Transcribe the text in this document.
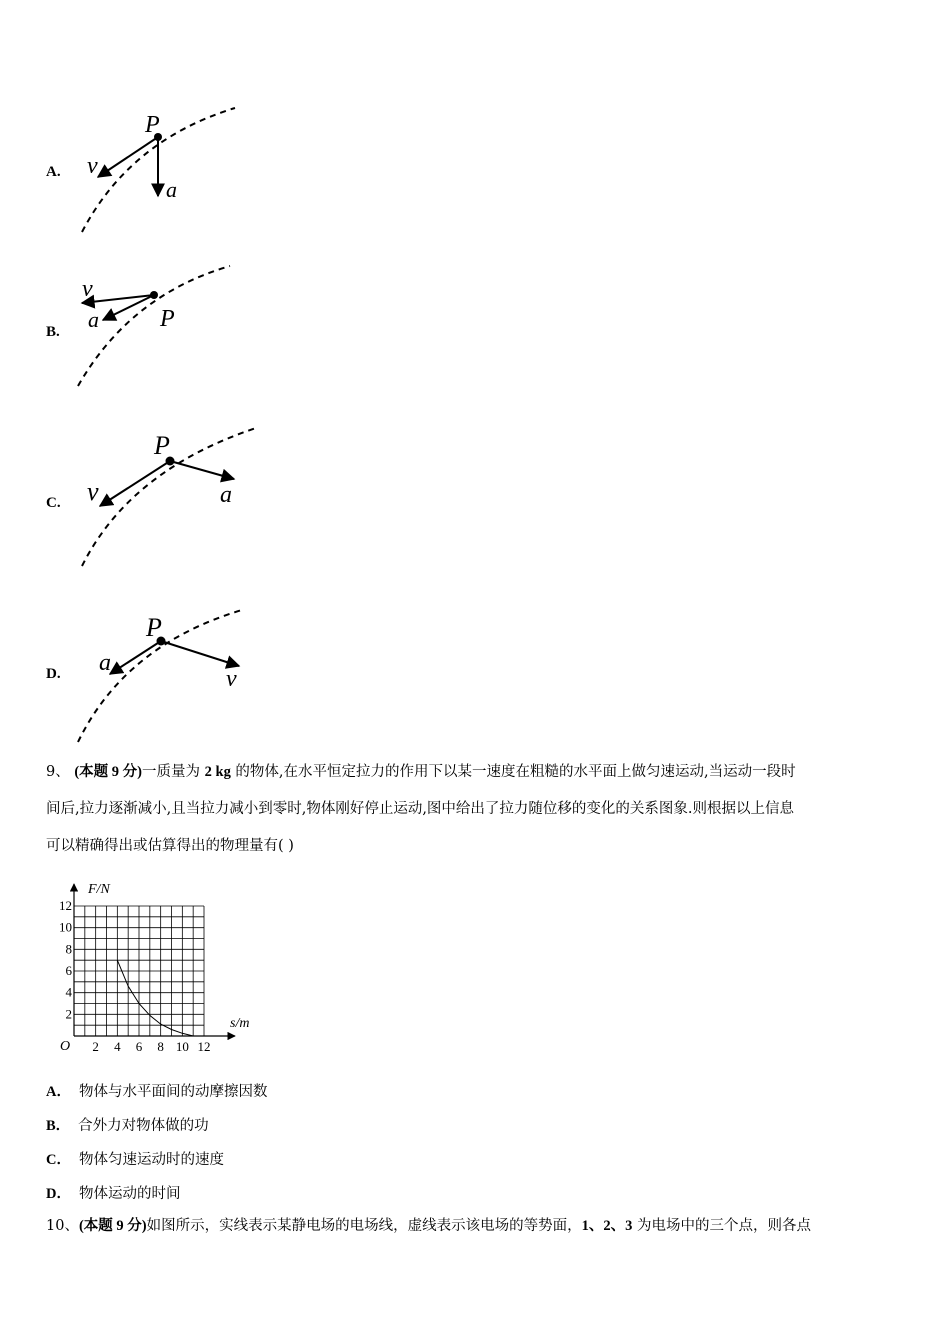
A.
P
v
a
B.
v
a	P
C.
P
v	a
D.
P
a
v
9、 (本题 9 分)一质量为 2 kg 的物体,在水平恒定拉力的作用下以某一速度在粗糙的水平面上做匀速运动,当运动一段时
间后,拉力逐渐减小,且当拉力减小到零时,物体刚好停止运动,图中给出了拉力随位移的变化的关系图象.则根据以上信息
可以精确得出或估算得出的物理量有( )
F/N
s/m
O 2 4 6 8 10 12
12
10
8
6
4
2
A． 物体与水平面间的动摩擦因数
B． 合外力对物体做的功
C． 物体匀速运动时的速度
D． 物体运动的时间
10、(本题 9 分)如图所示，实线表示某静电场的电场线，虚线表示该电场的等势面，1、2、3 为电场中的三个点，则各点
